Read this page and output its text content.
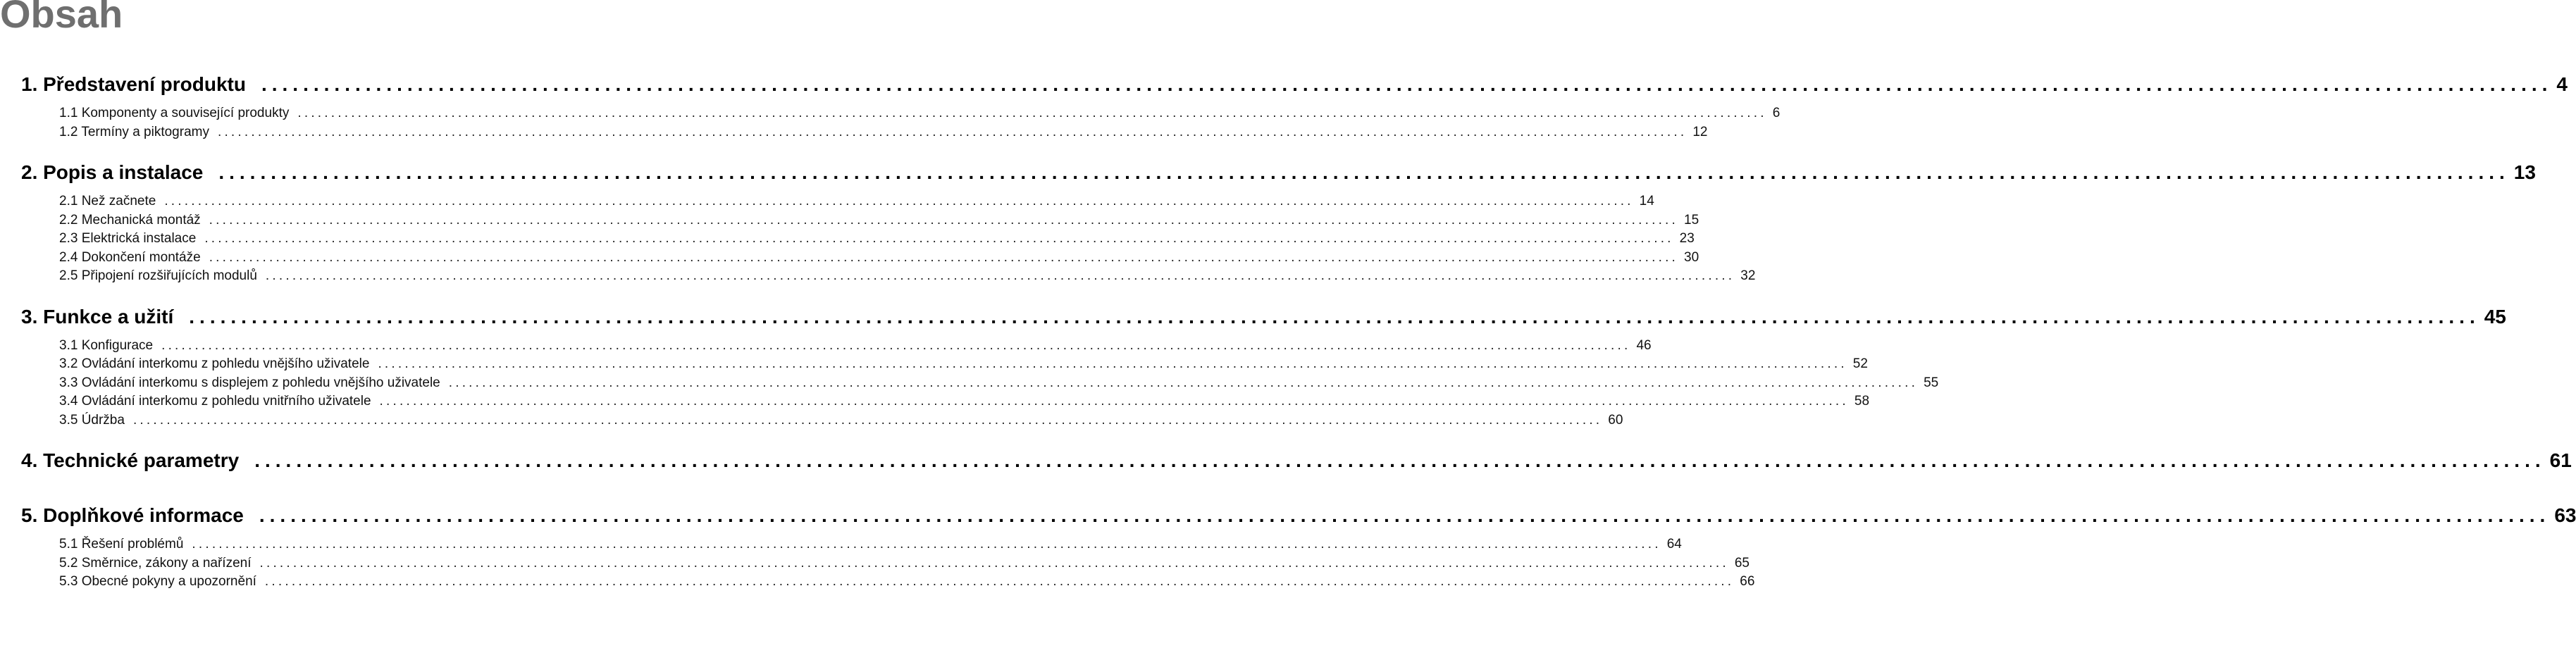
Obsah
1. Představení produktu ............................................................................................................................................................................................................................ 4
1.1 Komponenty a související produkty ............................................................................................................................................................................................................................ 6
1.2 Termíny a piktogramy ............................................................................................................................................................................................................................ 12
2. Popis a instalace ............................................................................................................................................................................................................................ 13
2.1 Než začnete ............................................................................................................................................................................................................................ 14
2.2 Mechanická montáž ............................................................................................................................................................................................................................ 15
2.3 Elektrická instalace ............................................................................................................................................................................................................................ 23
2.4 Dokončení montáže ............................................................................................................................................................................................................................ 30
2.5 Připojení rozšiřujících modulů ............................................................................................................................................................................................................................ 32
3. Funkce a užití ............................................................................................................................................................................................................................ 45
3.1 Konfigurace ............................................................................................................................................................................................................................ 46
3.2 Ovládání interkomu z pohledu vnějšího uživatele ............................................................................................................................................................................................................................ 52
3.3 Ovládání interkomu s displejem z pohledu vnějšího uživatele ............................................................................................................................................................................................................................ 55
3.4 Ovládání interkomu z pohledu vnitřního uživatele ............................................................................................................................................................................................................................ 58
3.5 Údržba ............................................................................................................................................................................................................................ 60
4. Technické parametry ............................................................................................................................................................................................................................ 61
5. Doplňkové informace ............................................................................................................................................................................................................................ 63
5.1 Řešení problémů ............................................................................................................................................................................................................................ 64
5.2 Směrnice, zákony a nařízení ............................................................................................................................................................................................................................ 65
5.3 Obecné pokyny a upozornění ............................................................................................................................................................................................................................ 66
